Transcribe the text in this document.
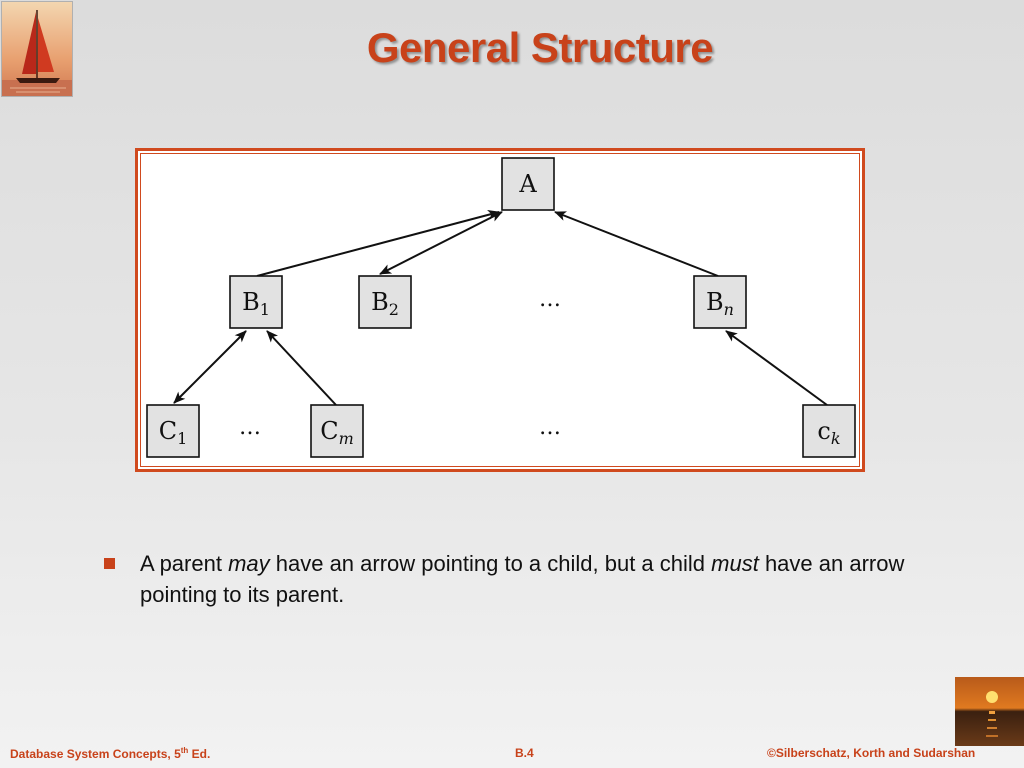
General Structure
A
$B_1$	$B_2$	$B_n$
$C_1$	$C_m$	$c_k$
…
…	…
A parent may have an arrow pointing to a child, but a child must have an arrow pointing to its parent.
Database System Concepts, 5th Ed.	B.4	©Silberschatz, Korth and Sudarshan
